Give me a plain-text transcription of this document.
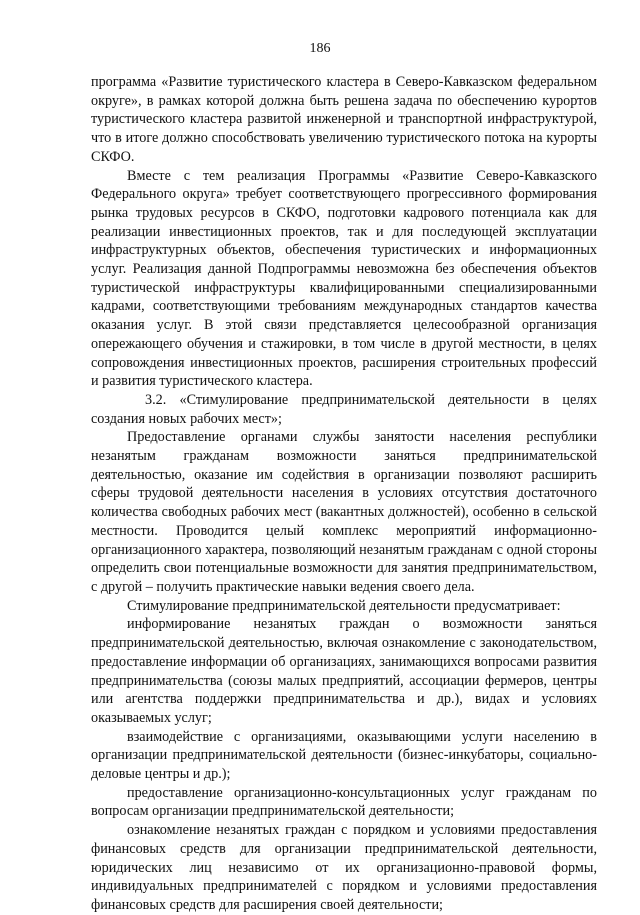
186

программа «Развитие туристического кластера в Северо-Кавказском федеральном округе», в рамках которой должна быть решена задача по обеспечению курортов туристического кластера развитой инженерной и транспортной инфраструктурой, что в итоге должно способствовать увеличению туристического потока на курорты СКФО.

Вместе с тем реализация Программы «Развитие Северо-Кавказского Федерального округа» требует соответствующего прогрессивного формирования рынка трудовых ресурсов в СКФО, подготовки кадрового потенциала как для реализации инвестиционных проектов, так и для последующей эксплуатации инфраструктурных объектов, обеспечения туристических и информационных услуг. Реализация данной Подпрограммы невозможна без обеспечения объектов туристической инфраструктуры квалифицированными специализированными кадрами, соответствующими требованиям международных стандартов качества оказания услуг. В этой связи представляется целесообразной организация опережающего обучения и стажировки, в том числе в другой местности, в целях сопровождения инвестиционных проектов, расширения строительных профессий и развития туристического кластера.

3.2. «Стимулирование предпринимательской деятельности в целях создания новых рабочих мест»;

Предоставление органами службы занятости населения республики незанятым гражданам возможности заняться предпринимательской деятельностью, оказание им содействия в организации позволяют расширить сферы трудовой деятельности населения в условиях отсутствия достаточного количества свободных рабочих мест (вакантных должностей), особенно в сельской местности. Проводится целый комплекс мероприятий информационно-организационного характера, позволяющий незанятым гражданам с одной стороны определить свои потенциальные возможности для занятия предпринимательством, с другой – получить практические навыки ведения своего дела.

Стимулирование предпринимательской деятельности предусматривает:

информирование незанятых граждан о возможности заняться предпринимательской деятельностью, включая ознакомление с законодательством, предоставление информации об организациях, занимающихся вопросами развития предпринимательства (союзы малых предприятий, ассоциации фермеров, центры или агентства поддержки предпринимательства и др.), видах и условиях оказываемых услуг;

взаимодействие с организациями, оказывающими услуги населению в организации предпринимательской деятельности (бизнес-инкубаторы, социально-деловые центры и др.);

предоставление организационно-консультационных услуг гражданам по вопросам организации предпринимательской деятельности;

ознакомление незанятых граждан с порядком и условиями предоставления финансовых средств для организации предпринимательской деятельности, юридических лиц независимо от их организационно-правовой формы, индивидуальных предпринимателей с порядком и условиями предоставления финансовых средств для расширения своей деятельности;
